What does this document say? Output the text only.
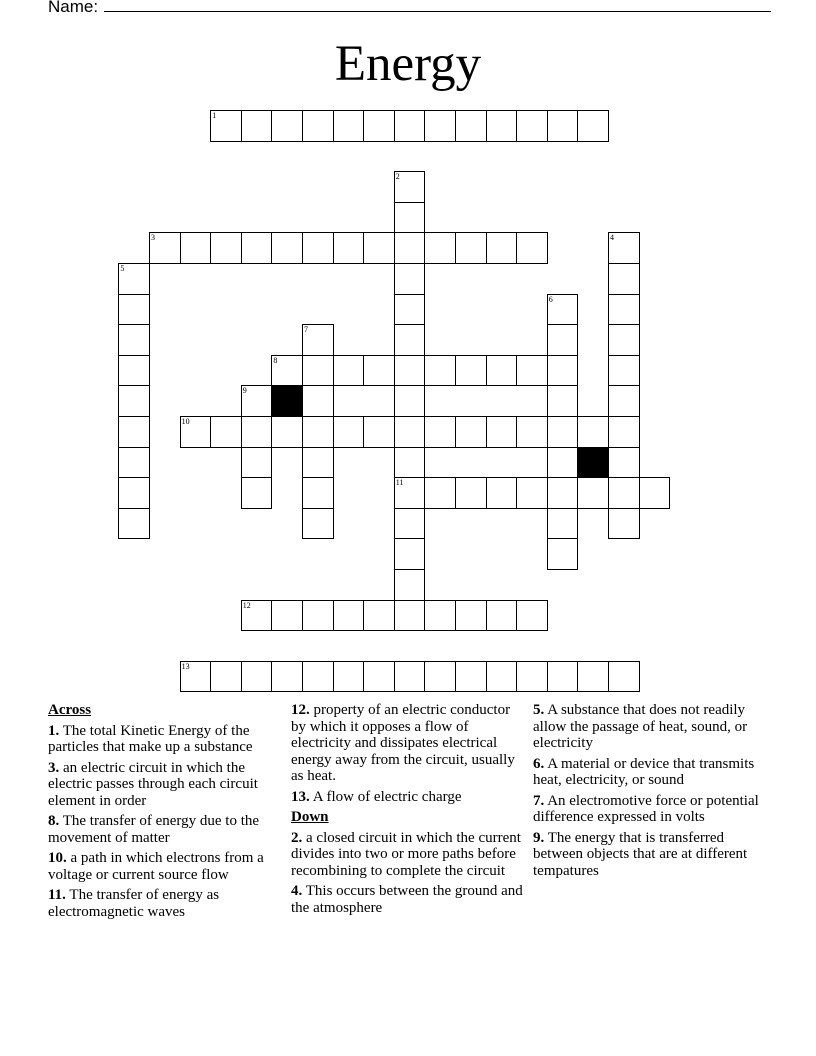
Name:
Energy
1
2
3	4
5
6
7
8
9
10
11
12
13
Across
1. The total Kinetic Energy of the particles that make up a substance
3. an electric circuit in which the electric passes through each circuit element in order
8. The transfer of energy due to the movement of matter
10. a path in which electrons from a voltage or current source flow
11. The transfer of energy as electromagnetic waves
12. property of an electric conductor by which it opposes a flow of electricity and dissipates electrical energy away from the circuit, usually as heat.
13. A flow of electric charge
Down
2. a closed circuit in which the current divides into two or more paths before recombining to complete the circuit
4. This occurs between the ground and the atmosphere
5. A substance that does not readily allow the passage of heat, sound, or electricity
6. A material or device that transmits heat, electricity, or sound
7. An electromotive force or potential difference expressed in volts
9. The energy that is transferred between objects that are at different tempatures
